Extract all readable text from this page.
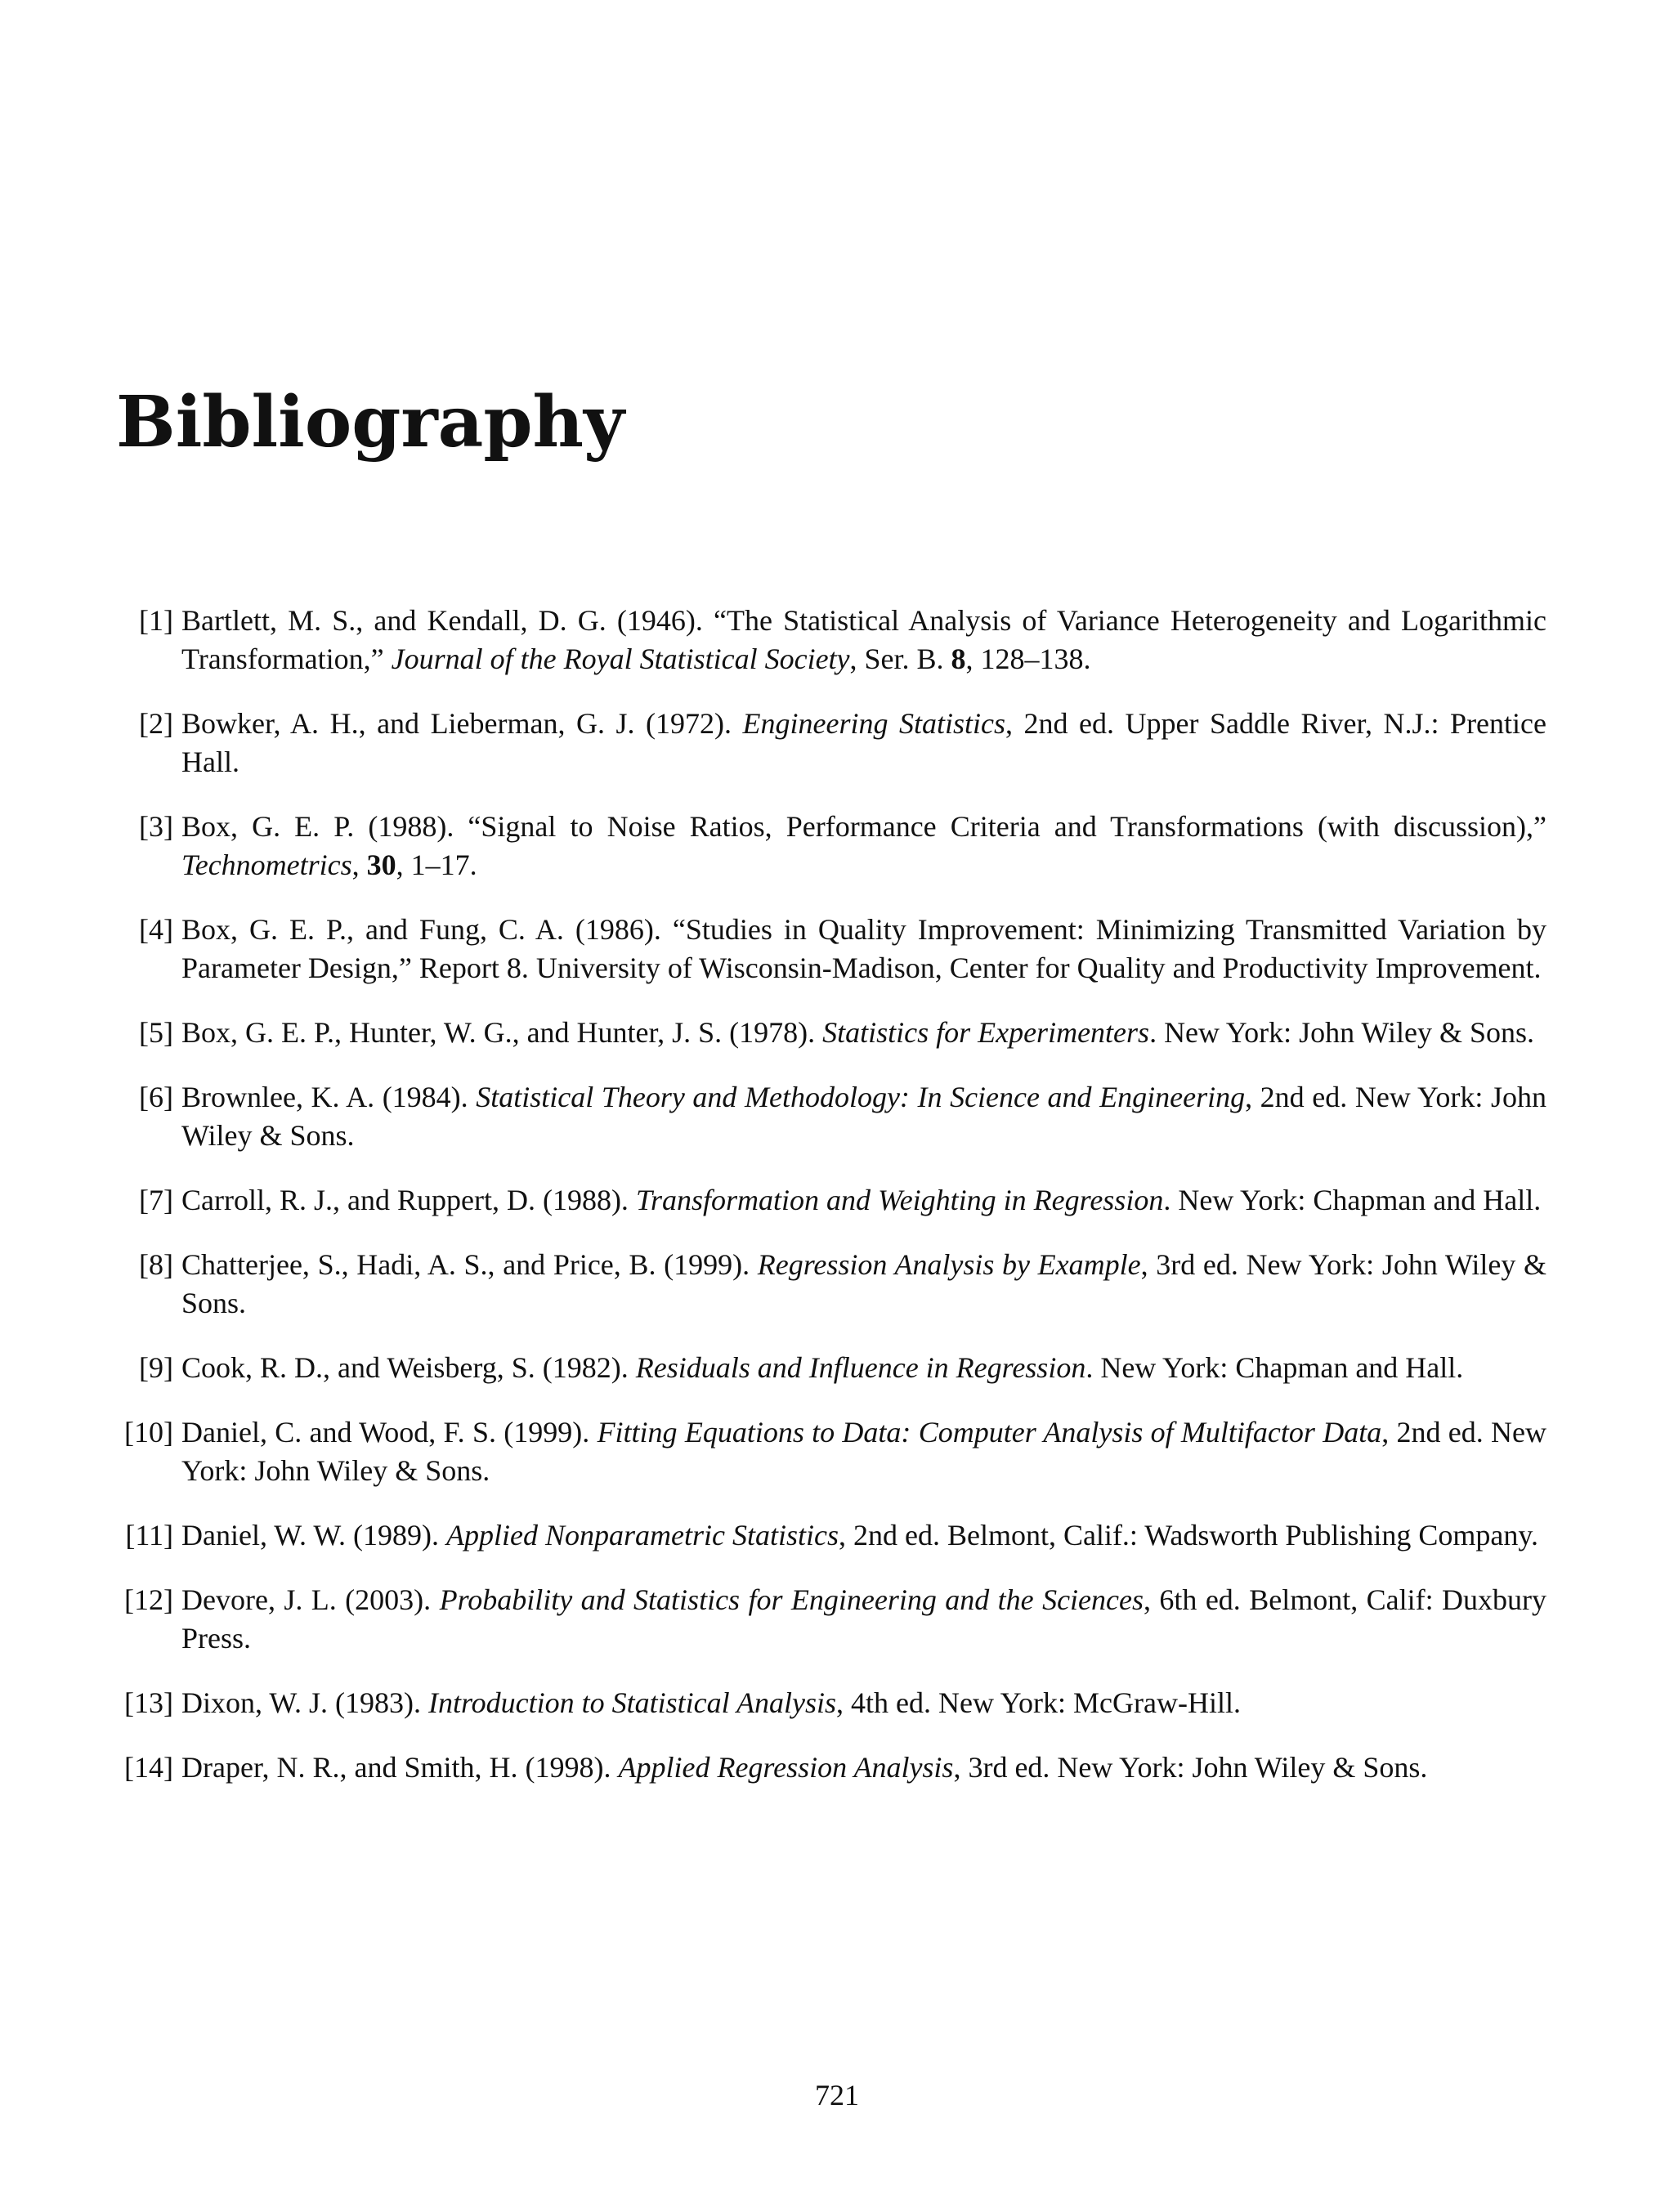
Bibliography
[1] Bartlett, M. S., and Kendall, D. G. (1946). “The Statistical Analysis of Variance Heterogeneity and Logarithmic Transformation,” Journal of the Royal Statistical Society, Ser. B. 8, 128–138.
[2] Bowker, A. H., and Lieberman, G. J. (1972). Engineering Statistics, 2nd ed. Upper Saddle River, N.J.: Prentice Hall.
[3] Box, G. E. P. (1988). “Signal to Noise Ratios, Performance Criteria and Transformations (with discussion),” Technometrics, 30, 1–17.
[4] Box, G. E. P., and Fung, C. A. (1986). “Studies in Quality Improvement: Minimizing Transmitted Variation by Parameter Design,” Report 8. University of Wisconsin-Madison, Center for Quality and Productivity Improvement.
[5] Box, G. E. P., Hunter, W. G., and Hunter, J. S. (1978). Statistics for Experimenters. New York: John Wiley & Sons.
[6] Brownlee, K. A. (1984). Statistical Theory and Methodology: In Science and Engineering, 2nd ed. New York: John Wiley & Sons.
[7] Carroll, R. J., and Ruppert, D. (1988). Transformation and Weighting in Regression. New York: Chapman and Hall.
[8] Chatterjee, S., Hadi, A. S., and Price, B. (1999). Regression Analysis by Example, 3rd ed. New York: John Wiley & Sons.
[9] Cook, R. D., and Weisberg, S. (1982). Residuals and Influence in Regression. New York: Chapman and Hall.
[10] Daniel, C. and Wood, F. S. (1999). Fitting Equations to Data: Computer Analysis of Multifactor Data, 2nd ed. New York: John Wiley & Sons.
[11] Daniel, W. W. (1989). Applied Nonparametric Statistics, 2nd ed. Belmont, Calif.: Wadsworth Publishing Company.
[12] Devore, J. L. (2003). Probability and Statistics for Engineering and the Sciences, 6th ed. Belmont, Calif: Duxbury Press.
[13] Dixon, W. J. (1983). Introduction to Statistical Analysis, 4th ed. New York: McGraw-Hill.
[14] Draper, N. R., and Smith, H. (1998). Applied Regression Analysis, 3rd ed. New York: John Wiley & Sons.
721
